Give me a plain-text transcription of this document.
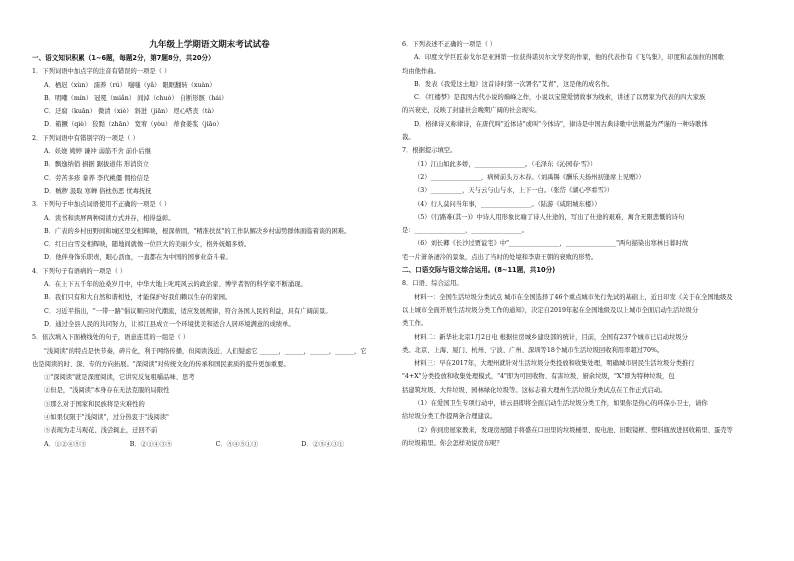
九年级上学期语文期末考试试卷
一、语文知识积累（1~6题，每题2分，第7题8分，共20分）
1．下列词语中加点字的注音有错误的一项是（ ）
A．栖迟（xùn） 濡养（rú） 嗤嗤（yǎ） 眼眶翻转（xuàn）
B．明嘲（mín） 冠冕（miǎn） 间淖（chuò） 自断形骸（hái）
C．迂腐（kuān） 微清（xiè） 斜进（jiān） 咫心嗒丧（tà）
D．箱撅（qiè） 狡黠（zhān） 宽宥（yòu） 蒂食姜浆（jiāo）
2．下列词语中有错别字的一项是（ ）
A．妖娆 娉婷 谦冲 弱筋不舍 前仆后继
B．飘逸纳俏 捐据 踞拔道伟 形消资立
C．劳苦多疹 豢养 李代桃僵 佣拾信是
D．贼秽 汲取 寒蝉 俗枕伤恶 忧毒抚抚
3．下列句子中加点词语使用不正确的一项是（ ）
A．读书和读屏两种阅读方式并存，相得益彰。
B．广表的乡村田野间和城区里交相辉映，根深蒂固，"精准扶贫"的工作队解决乡村弱势群体面临着谈的困难。
C．红日白雪交相辉映，随地间就像一位巨大的美丽少女，格外妩媚多娇。
D．他伴身饰乐职责，眼心沥血，一直都在为中国的国事业奋斗着。
4．下列句子有语病的一项是（ ）
A．在上下五千年的沧桑岁月中，中华大地上叱咤风云的政治家、博学者智的科学家不断涌现。
B．我们只有和大自然和谐相处，才能保护好我们赖以生存的家园。
C．习近平指出，"一带一路"倡议顺应时代潮流，适应发展规律，符合各国人民的利益，具有广阔前景。
D．通过全县人民的共同努力，让祁江县成立一个环境优美和适合人居环境满意的成绩单。
5．依次填入下面横线处的句子，语意连贯的一组是（ ）
"浅阅读"的特点是快节奏，碎片化，利于网络传播，但阅读浅近、人们疑虑它 ______，______，______，______，它
也是阅读的时、深、专的方向拓展。"深阅读"对传统文化的传承和国民素质的提升更加重要。
①"深阅读"就是深度阅读，它讲究反复咀嚼品味、思考
②但是，"浅阅读"本身存在无法克服的局限性
③那么对于国家和民族将是灾难性的
④如果仅限于"浅阅读"，过分热衷于"浅阅读"
⑤表现为走马观花、浅尝辄止，迁回不前
A．①②④⑤③	B．②①④③⑤	C．⑤④⑤①③	D．②⑤④③①
6．下列表述不正确的一项是（ ）
A．印度文学巨匠泰戈尔是亚洲第一位获得诺贝尔文学奖的作家，他的代表作有《飞鸟集》，印度和孟加拉的国歌
均由他作曲。
B．发表《我爱这土地》这首诗时第一次署名"艾青"，这是他的成名作。
C．《红楼梦》是我国古代小说的巅峰之作，小说以宝黛爱情故事为线索，讲述了以贾家为代表的四大家族
的兴衰史，反映了封建社会晚期广阔的社会现实。
D．格律诗又称律诗，在唐代叫"近体诗"或叫"今体诗"，律诗是中国古典诗歌中法则最为严谨的一种诗歌体
裁。
7．根据提示填空。
（1）江山如此多娇，________________。（毛泽东《沁园春·雪》）
（2）________________，病树前头万木春。（刘禹锡《酬乐天扬州初逢席上见赠》）
（3）__________，天与云与山与水，上下一白。（张岱《湖心亭看雪》）
（4）行人莫问当年事，________________。（陆游《咸阳城东楼》）
（5）《行路难(其一)》中诗人用形象比喻了诗人仕途的，写出了仕途的艰难，寓含无限悲慨的诗句
是：________________，________________。
（6）刘长卿《长沙过贾谊宅》中"________________，________________"两句描染出寒林日暮时故
宅一片萧条凄冷的景象，点出了当时的处境和李唐王朝的衰败的形势。
二、口语交际与语文综合运用。(8~11题，共10分)
8．口语、综合运用。
材料一：全国生活垃圾分类试点 城市在全国选择了46个重点城市先行先试的基础上，近日印发《关于在全国地级及
以上城市全面开展生活垃圾分类工作的通知》，决定自2019年起在全国地级及以上城市全面启动生活垃圾分
类工作。
材料二：新华社北京1月2日电 根据住房城乡建设部的统计，目前，全国有237个城市已启动垃圾分
类。北京、上海、厦门、杭州、宁波、广州、深圳等18个城市生活垃圾回收利用率超过70%。
材料三：早在2017年，大理州就针对生活垃圾分类投放和收集处理，明确城市居民生活垃圾分类推行
"4+X"分类投放和收集处理模式，"4"即为可回收物、有害垃圾、厨余垃圾，"X"即为特种垃圾，包
括建筑垃圾、大件垃圾、园林绿化垃圾等。这标志着大理州生活垃圾分类试点在工作正式启动。
（1）在爱国卫生专项行动中，祥云县即将全面启动生活垃圾分类工作，如果你是热心的环保小卫士，请你
给垃圾分类工作提两条合理建议。
（2）你到房屋家教来，发现房屋随手将盛在口田里的垃圾桶里、废电池、旧眼镜框、塑料瓶放进回收箱里、蛋壳等
的垃圾箱里。你会怎样劝说房东呢？
